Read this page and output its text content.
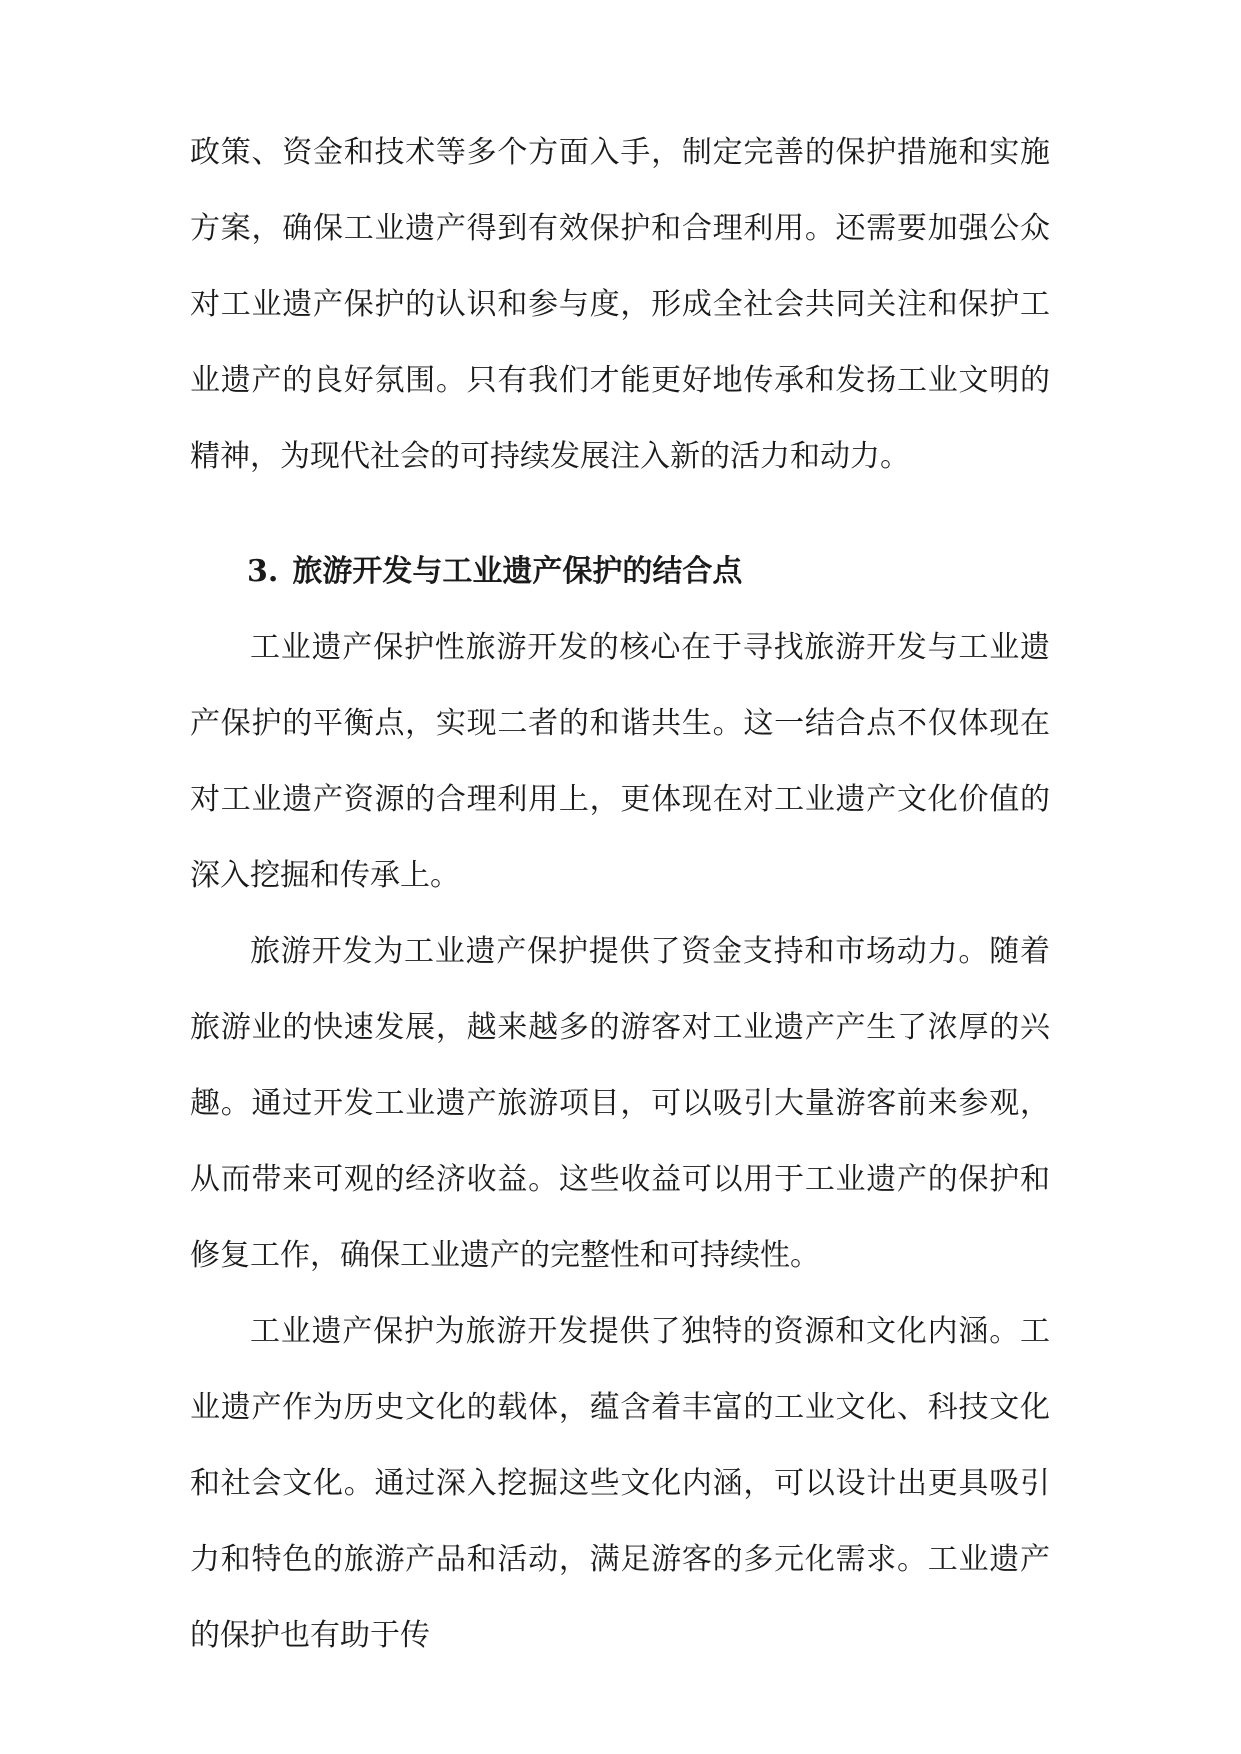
政策、资金和技术等多个方面入手，制定完善的保护措施和实施方案，确保工业遗产得到有效保护和合理利用。还需要加强公众对工业遗产保护的认识和参与度，形成全社会共同关注和保护工业遗产的良好氛围。只有我们才能更好地传承和发扬工业文明的精神，为现代社会的可持续发展注入新的活力和动力。

3. 旅游开发与工业遗产保护的结合点

工业遗产保护性旅游开发的核心在于寻找旅游开发与工业遗产保护的平衡点，实现二者的和谐共生。这一结合点不仅体现在对工业遗产资源的合理利用上，更体现在对工业遗产文化价值的深入挖掘和传承上。

旅游开发为工业遗产保护提供了资金支持和市场动力。随着旅游业的快速发展，越来越多的游客对工业遗产产生了浓厚的兴趣。通过开发工业遗产旅游项目，可以吸引大量游客前来参观，从而带来可观的经济收益。这些收益可以用于工业遗产的保护和修复工作，确保工业遗产的完整性和可持续性。

工业遗产保护为旅游开发提供了独特的资源和文化内涵。工业遗产作为历史文化的载体，蕴含着丰富的工业文化、科技文化和社会文化。通过深入挖掘这些文化内涵，可以设计出更具吸引力和特色的旅游产品和活动，满足游客的多元化需求。工业遗产的保护也有助于传
